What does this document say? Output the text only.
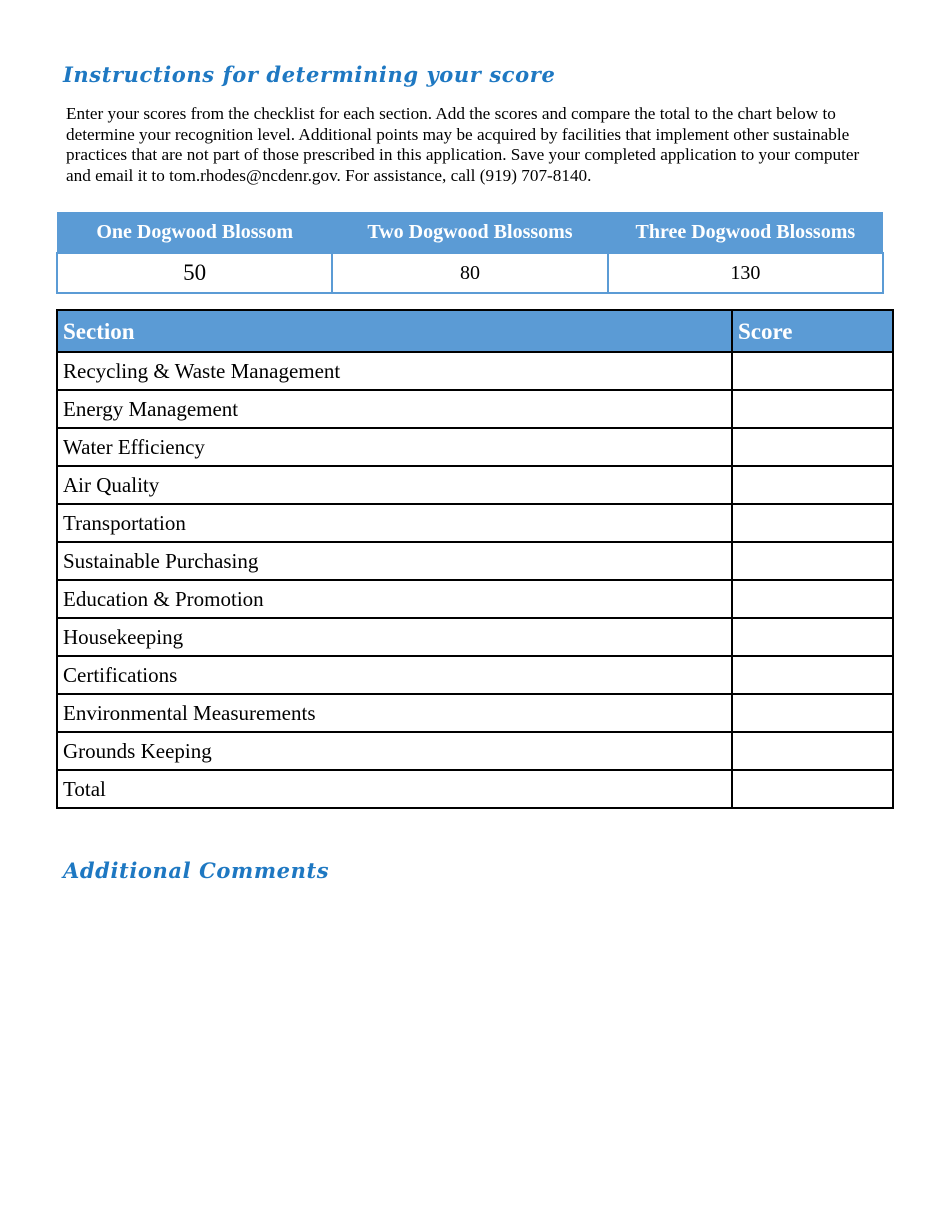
Instructions for determining your score

Enter your scores from the checklist for each section. Add the scores and compare the total to the chart below to determine your recognition level. Additional points may be acquired by facilities that implement other sustainable practices that are not part of those prescribed in this application. Save your completed application to your computer and email it to tom.rhodes@ncdenr.gov. For assistance, call (919) 707-8140.

One Dogwood Blossom	Two Dogwood Blossoms	Three Dogwood Blossoms
50	80	130
Section	Score
Recycling & Waste Management	
Energy Management	
Water Efficiency	
Air Quality	
Transportation	
Sustainable Purchasing	
Education & Promotion	
Housekeeping	
Certifications	
Environmental Measurements	
Grounds Keeping	
Total	
Additional Comments
